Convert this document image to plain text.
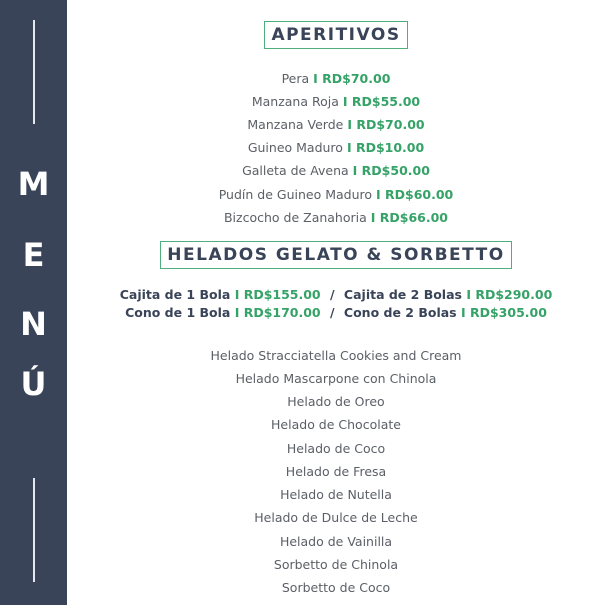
M
E
N
Ú
APERITIVOS
Pera I RD$70.00
Manzana Roja I RD$55.00
Manzana Verde I RD$70.00
Guineo Maduro I RD$10.00
Galleta de Avena I RD$50.00
Pudín de Guineo Maduro I RD$60.00
Bizcocho de Zanahoria I RD$66.00
HELADOS GELATO & SORBETTO
Cajita de 1 Bola I RD$155.00 / Cajita de 2 Bolas I RD$290.00
Cono de 1 Bola I RD$170.00 / Cono de 2 Bolas I RD$305.00
Helado Stracciatella Cookies and Cream
Helado Mascarpone con Chinola
Helado de Oreo
Helado de Chocolate
Helado de Coco
Helado de Fresa
Helado de Nutella
Helado de Dulce de Leche
Helado de Vainilla
Sorbetto de Chinola
Sorbetto de Coco
